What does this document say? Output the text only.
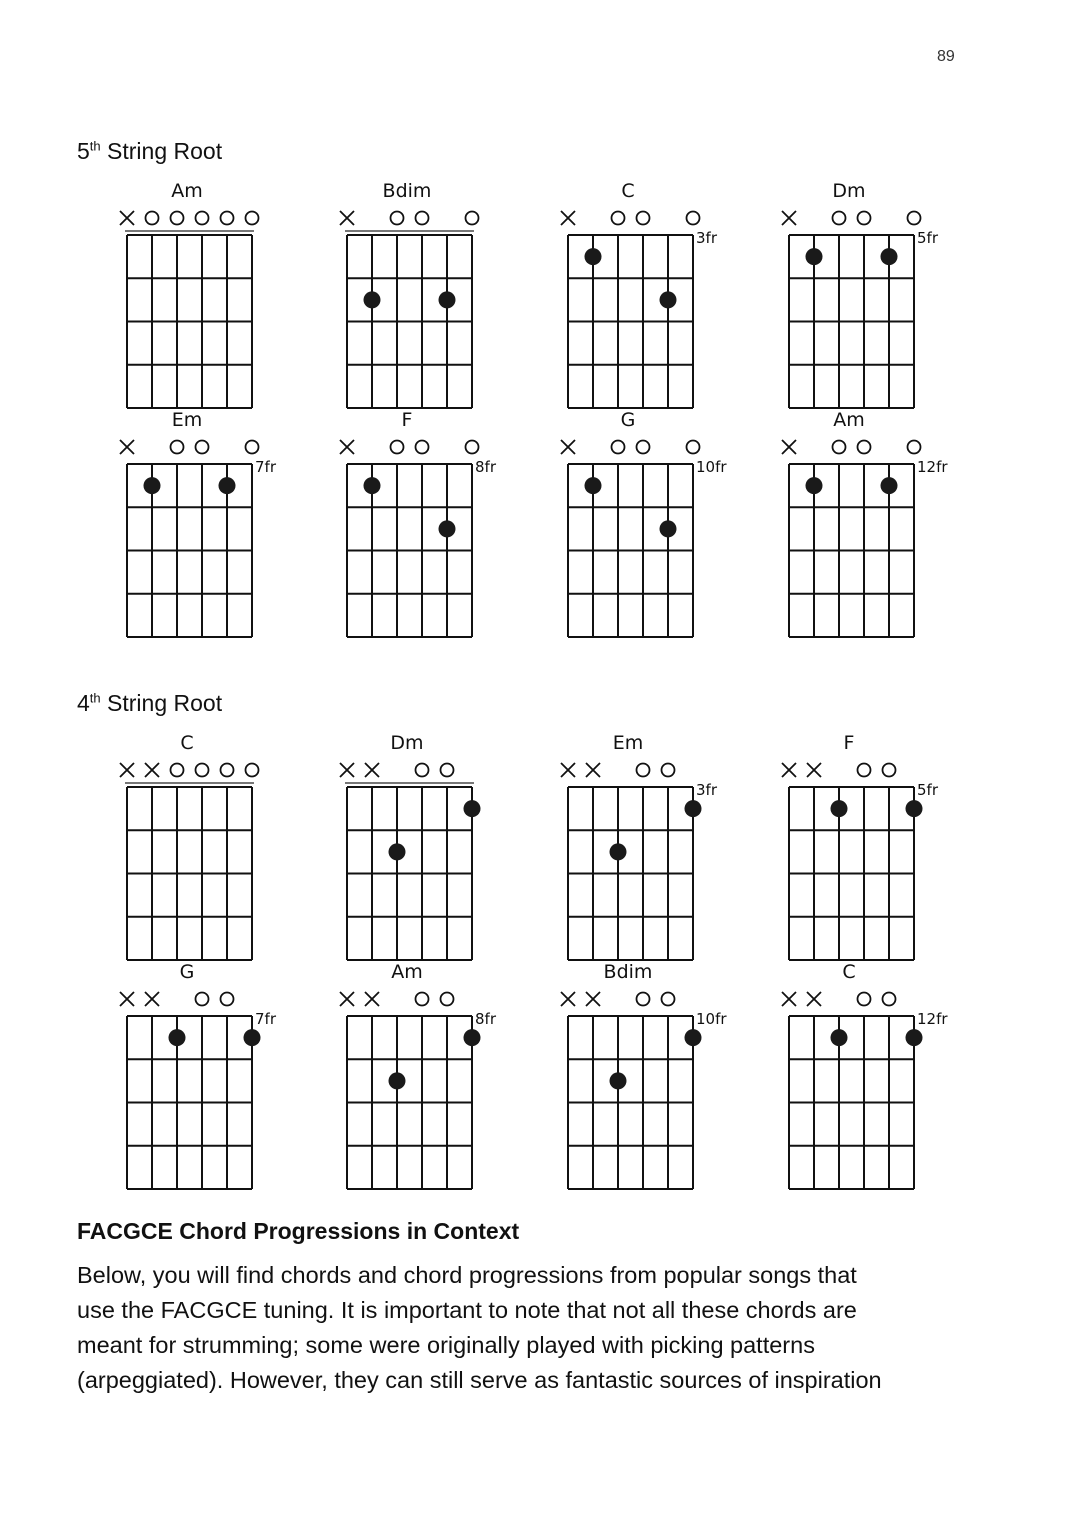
89
5th String Root
4th String Root
Am	Bdim	C
3fr
Dm
5fr
Em
7fr
F
8fr
G
10fr
Am
12fr
C	Dm	Em
3fr
F
5fr
G
7fr
Am
8fr
Bdim
10fr
C
12fr
FACGCE Chord Progressions in Context
Below, you will find chords and chord progressions from popular songs that
use the FACGCE tuning. It is important to note that not all these chords are
meant for strumming; some were originally played with picking patterns
(arpeggiated). However, they can still serve as fantastic sources of inspiration
